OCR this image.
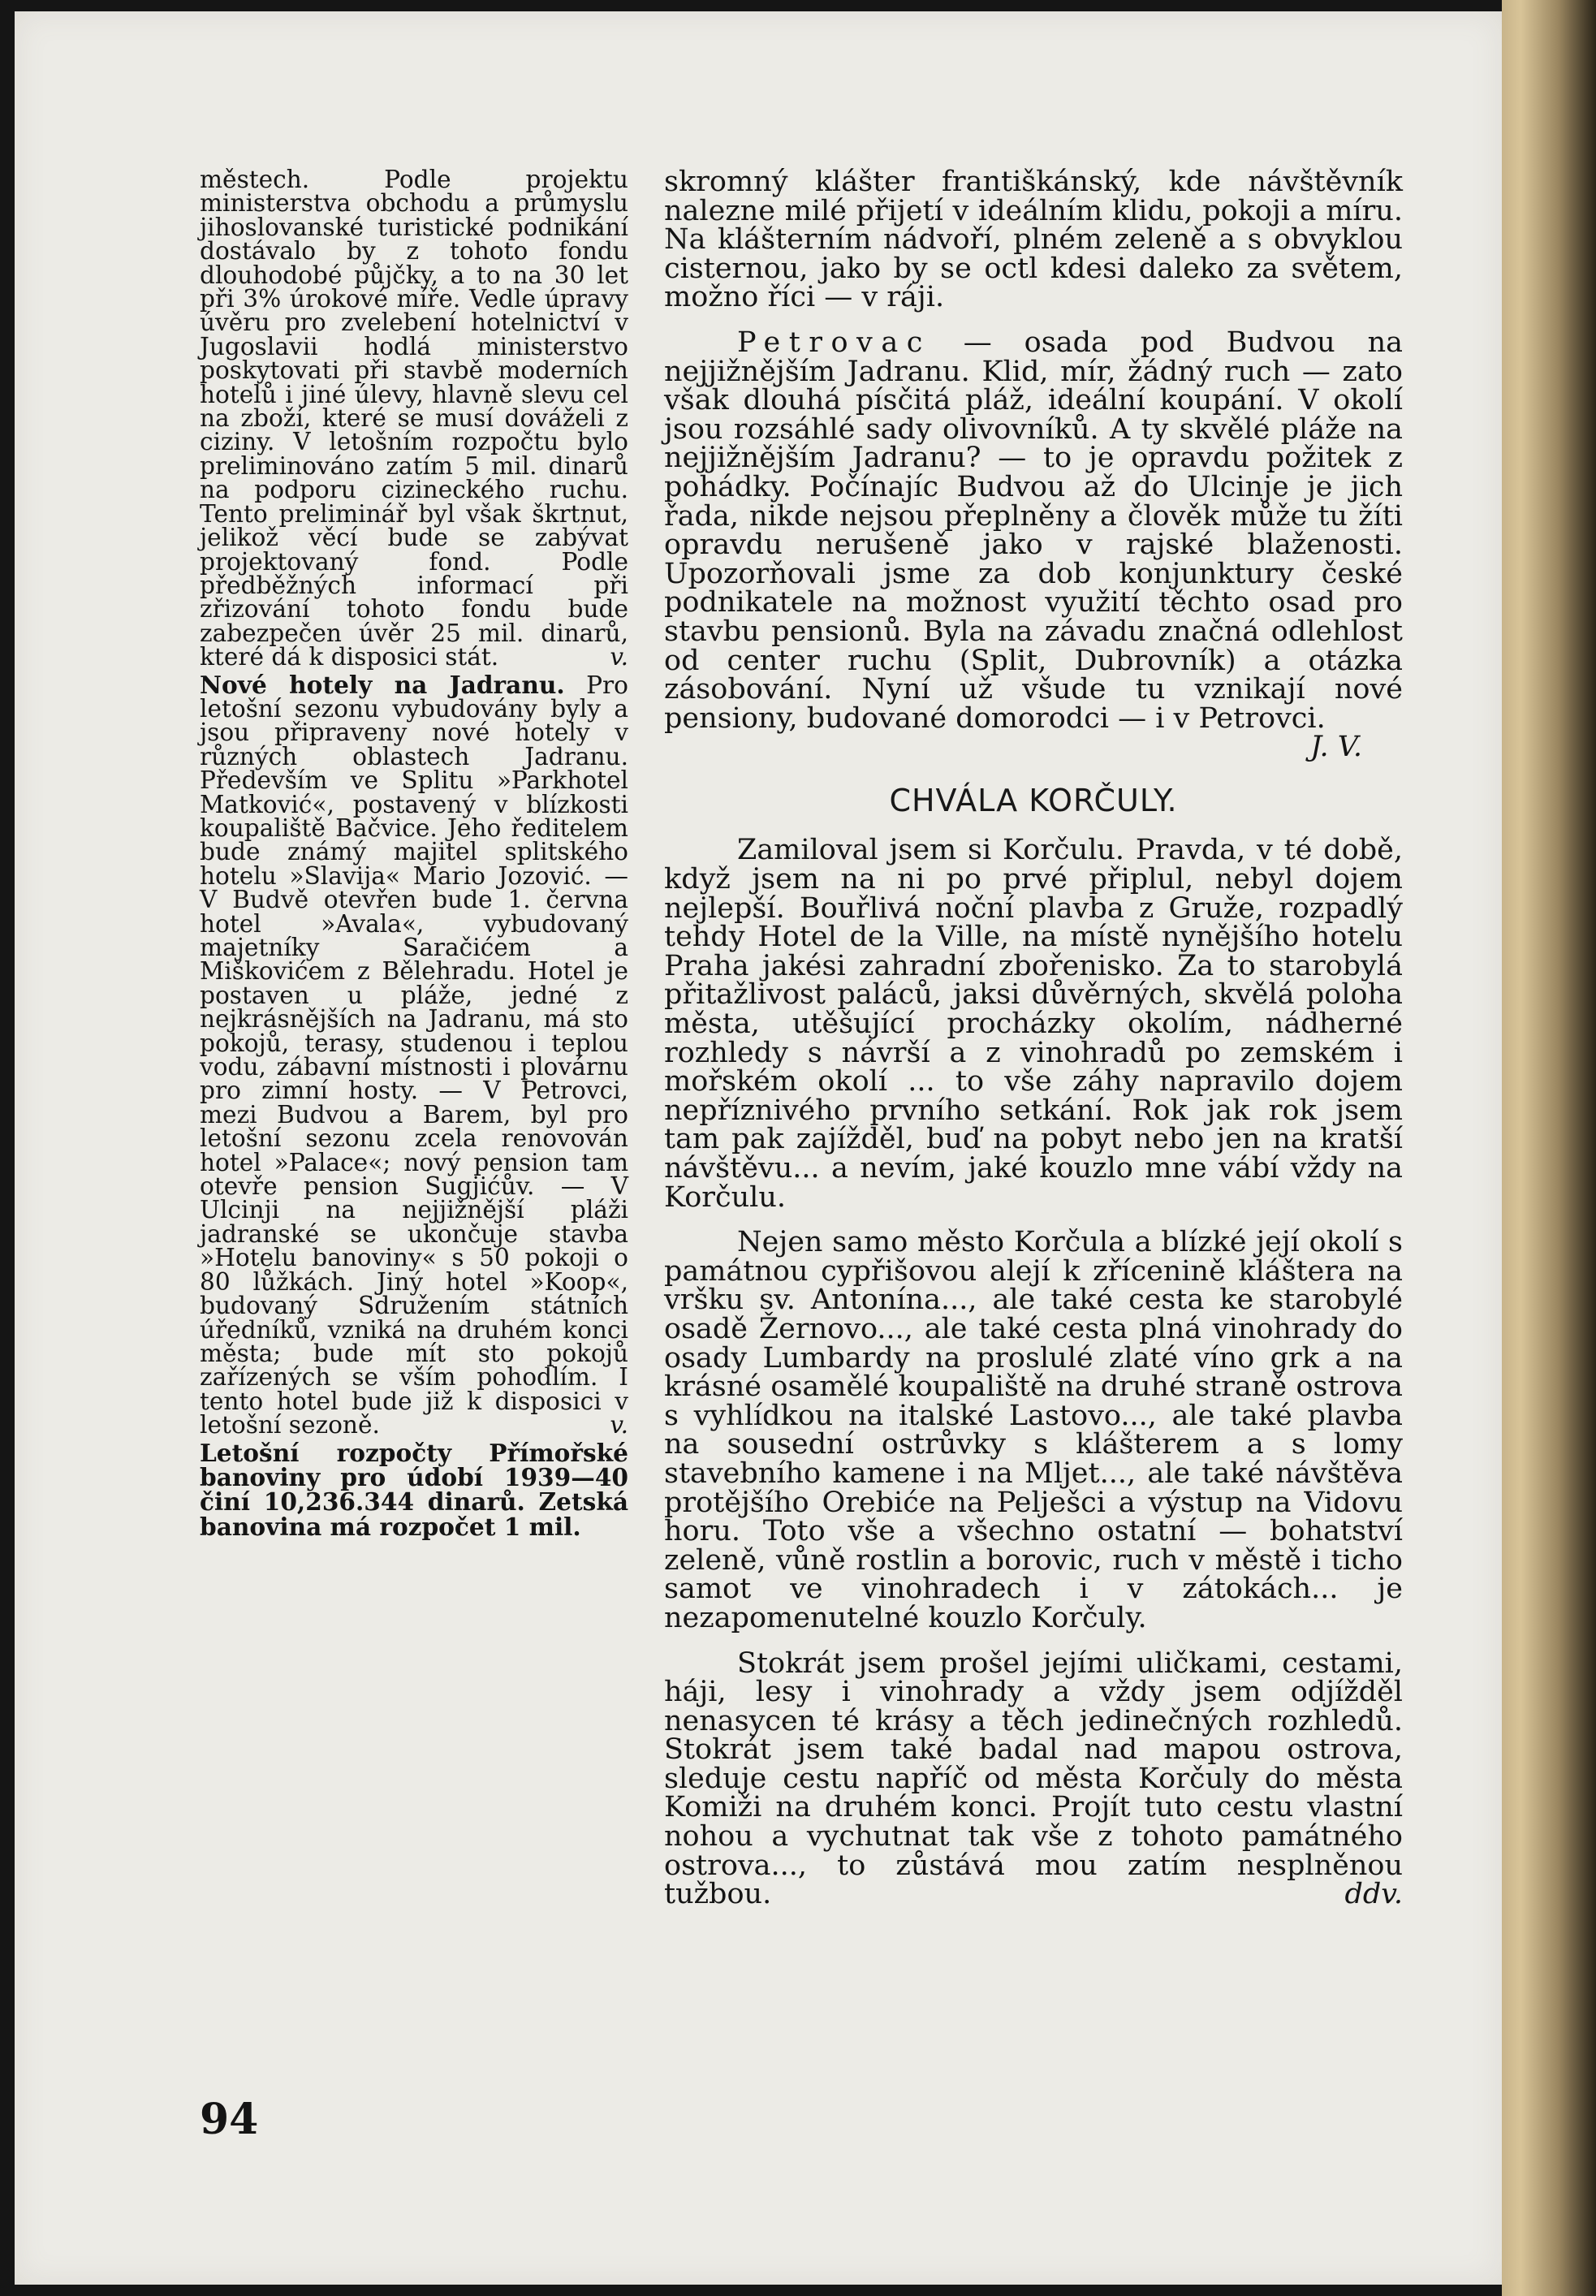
městech. Podle projektu ministerstva obchodu a průmyslu jihoslovanské turistické podnikání dostávalo by z tohoto fondu dlouhodobé půjčky, a to na 30 let při 3% úrokové míře. Vedle úpravy úvěru pro zvelebení hotelnictví v Jugoslavii hodlá ministerstvo poskytovati při stavbě moderních hotelů i jiné úlevy, hlavně slevu cel na zboží, které se musí dováželi z ciziny. V letošním rozpočtu bylo preliminováno zatím 5 mil. dinarů na podporu cizineckého ruchu. Tento preliminář byl však škrtnut, jelikož věcí bude se zabývat projektovaný fond. Podle předběžných informací při zřizování tohoto fondu bude zabezpečen úvěr 25 mil. dinarů, které dá k disposici stát.	v.

Nové hotely na Jadranu. Pro letošní sezonu vybudovány byly a jsou připraveny nové hotely v různých oblastech Jadranu. Především ve Splitu »Parkhotel Matković«, postavený v blízkosti koupaliště Bačvice. Jeho ředitelem bude známý majitel splitského hotelu »Slavija« Mario Jozović. — V Budvě otevřen bude 1. června hotel »Avala«, vybudovaný majetníky Saračićem a Miškovićem z Bělehradu. Hotel je postaven u pláže, jedné z nejkrásnějších na Jadranu, má sto pokojů, terasy, studenou i teplou vodu, zábavní místnosti i plovárnu pro zimní hosty. — V Petrovci, mezi Budvou a Barem, byl pro letošní sezonu zcela renovován hotel »Palace«; nový pension tam otevře pension Sugjićův. — V Ulcinji na nejjižnější pláži jadranské se ukončuje stavba »Hotelu banoviny« s 50 pokoji o 80 lůžkách. Jiný hotel »Koop«, budovaný Sdružením státních úředníků, vzniká na druhém konci města; bude mít sto pokojů zařízených se vším pohodlím. I tento hotel bude již k disposici v letošní sezoně.	v.

Letošní rozpočty Přímořské banoviny pro údobí 1939—40 činí 10,236.344 dinarů. Zetská banovina má rozpočet 1 mil.

skromný klášter františkánský, kde návštěvník nalezne milé přijetí v ideálním klidu, pokoji a míru. Na klášterním nádvoří, plném zeleně a s obvyklou cisternou, jako by se octl kdesi daleko za světem, možno říci — v ráji.

Petrovac — osada pod Budvou na nejjižnějším Jadranu. Klid, mír, žádný ruch — zato však dlouhá písčitá pláž, ideální koupání. V okolí jsou rozsáhlé sady olivovníků. A ty skvělé pláže na nejjižnějším Jadranu? — to je opravdu požitek z pohádky. Počínajíc Budvou až do Ulcinje je jich řada, nikde nejsou přeplněny a člověk může tu žíti opravdu nerušeně jako v rajské blaženosti. Upozorňovali jsme za dob konjunktury české podnikatele na možnost využití těchto osad pro stavbu pensionů. Byla na závadu značná odlehlost od center ruchu (Split, Dubrovník) a otázka zásobování. Nyní už všude tu vznikají nové pensiony, budované domorodci — i v Petrovci.

J. V.

CHVÁLA KORČULY.

Zamiloval jsem si Korčulu. Pravda, v té době, když jsem na ni po prvé připlul, nebyl dojem nejlepší. Bouřlivá noční plavba z Gruže, rozpadlý tehdy Hotel de la Ville, na místě nynějšího hotelu Praha jakési zahradní zbořenisko. Za to starobylá přitažlivost paláců, jaksi důvěrných, skvělá poloha města, utěšující procházky okolím, nádherné rozhledy s návrší a z vinohradů po zemském i mořském okolí ... to vše záhy napravilo dojem nepříznivého prvního setkání. Rok jak rok jsem tam pak zajížděl, buď na pobyt nebo jen na kratší návštěvu... a nevím, jaké kouzlo mne vábí vždy na Korčulu.

Nejen samo město Korčula a blízké její okolí s památnou cypřišovou alejí k zřícenině kláštera na vršku sv. Antonína..., ale také cesta ke starobylé osadě Žernovo..., ale také cesta plná vinohrady do osady Lumbardy na proslulé zlaté víno grk a na krásné osamělé koupaliště na druhé straně ostrova s vyhlídkou na italské Lastovo..., ale také plavba na sousední ostrůvky s klášterem a s lomy stavebního kamene i na Mljet..., ale také návštěva protějšího Orebiće na Pelješci a výstup na Vidovu horu. Toto vše a všechno ostatní — bohatství zeleně, vůně rostlin a borovic, ruch v městě i ticho samot ve vinohradech i v zátokách... je nezapomenutelné kouzlo Korčuly.

Stokrát jsem prošel jejími uličkami, cestami, háji, lesy i vinohrady a vždy jsem odjížděl nenasycen té krásy a těch jedinečných rozhledů. Stokrát jsem také badal nad mapou ostrova, sleduje cestu napříč od města Korčuly do města Komiži na druhém konci. Projít tuto cestu vlastní nohou a vychutnat tak vše z tohoto památného ostrova..., to zůstává mou zatím nesplněnou tužbou.	ddv.

94
